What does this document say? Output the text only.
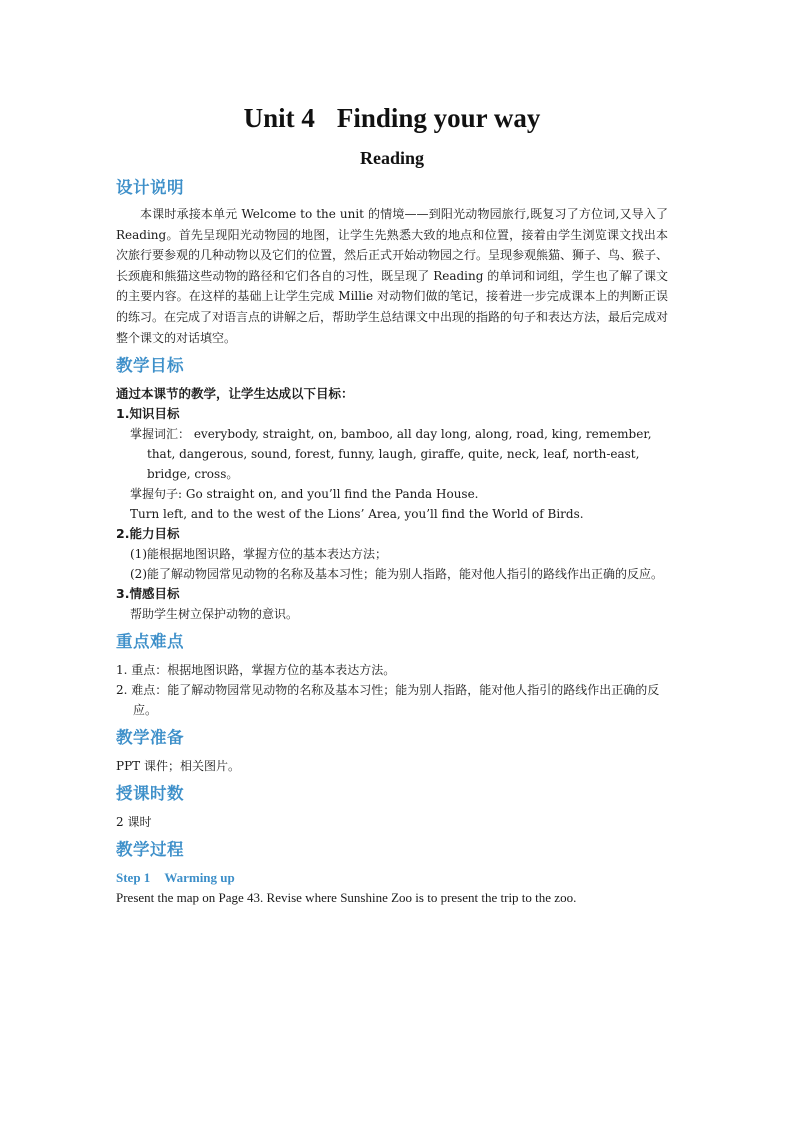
Unit 4 Finding your way
Reading
设计说明

本课时承接本单元 Welcome to the unit 的情境——到阳光动物园旅行,既复习了方位词,又导入了 Reading。首先呈现阳光动物园的地图，让学生先熟悉大致的地点和位置，接着由学生浏览课文找出本次旅行要参观的几种动物以及它们的位置，然后正式开始动物园之行。呈现参观熊猫、狮子、鸟、猴子、长颈鹿和熊猫这些动物的路径和它们各自的习性，既呈现了 Reading 的单词和词组，学生也了解了课文的主要内容。在这样的基础上让学生完成 Millie 对动物们做的笔记，接着进一步完成课本上的判断正误的练习。在完成了对语言点的讲解之后，帮助学生总结课文中出现的指路的句子和表达方法，最后完成对整个课文的对话填空。

教学目标

通过本课节的教学，让学生达成以下目标：

1.知识目标

掌握词汇： everybody, straight, on, bamboo, all day long, along, road, king, remember, that, dangerous, sound, forest, funny, laugh, giraffe, quite, neck, leaf, north-east, bridge, cross。

掌握句子: Go straight on, and you’ll find the Panda House.

Turn left, and to the west of the Lions’ Area, you’ll find the World of Birds.

2.能力目标

(1)能根据地图识路，掌握方位的基本表达方法；

(2)能了解动物园常见动物的名称及基本习性；能为别人指路，能对他人指引的路线作出正确的反应。

3.情感目标

帮助学生树立保护动物的意识。

重点难点

1. 重点：根据地图识路，掌握方位的基本表达方法。

2. 难点：能了解动物园常见动物的名称及基本习性；能为别人指路，能对他人指引的路线作出正确的反应。

教学准备

PPT 课件；相关图片。

授课时数

2 课时

教学过程

Step 1 Warming up

Present the map on Page 43. Revise where Sunshine Zoo is to present the trip to the zoo.
